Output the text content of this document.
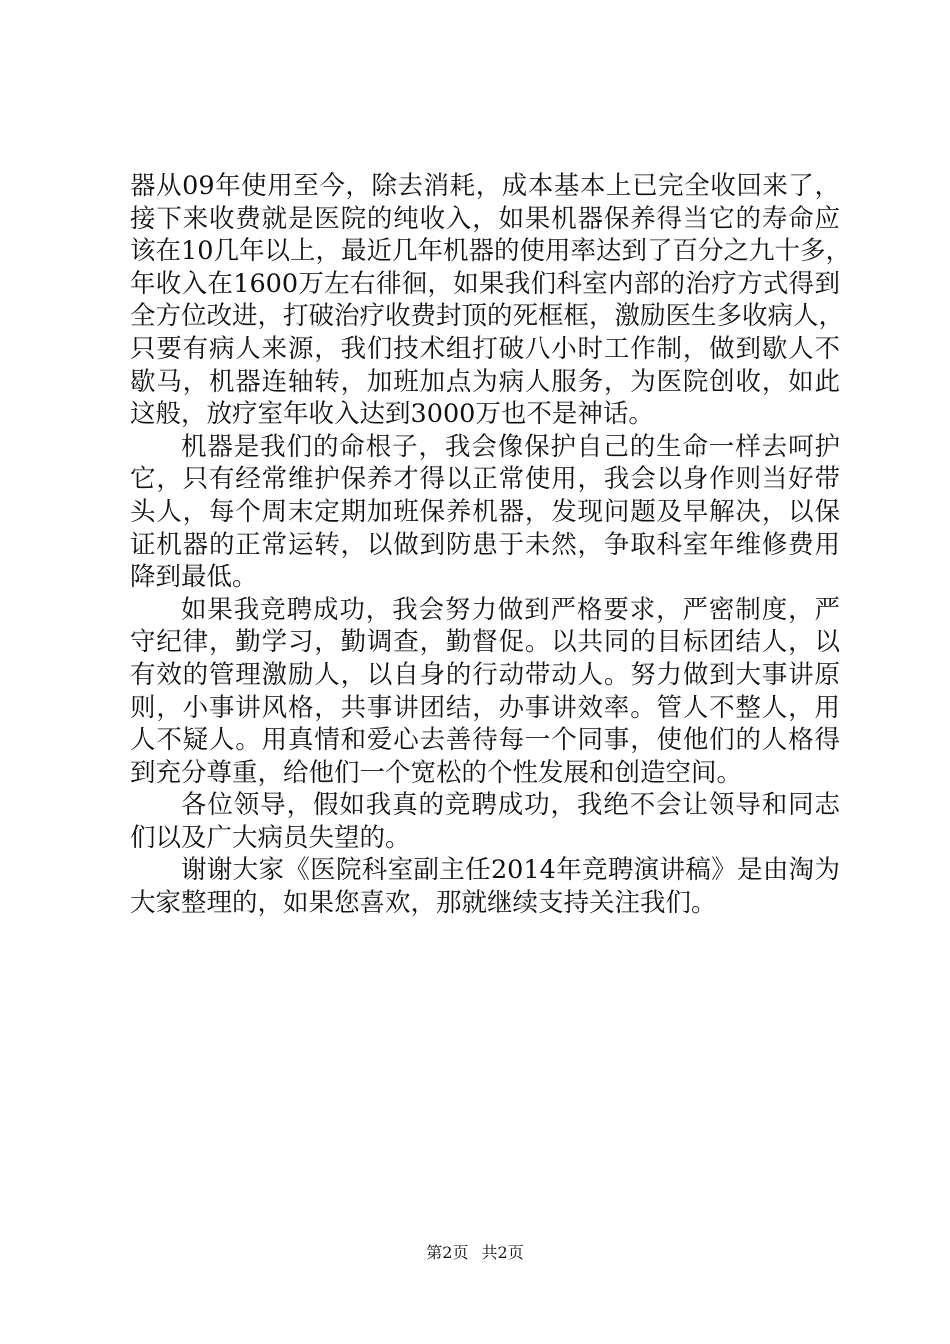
器从09年使用至今，除去消耗，成本基本上已完全收回来了，
接下来收费就是医院的纯收入，如果机器保养得当它的寿命应
该在10几年以上，最近几年机器的使用率达到了百分之九十多，
年收入在1600万左右徘徊，如果我们科室内部的治疗方式得到
全方位改进，打破治疗收费封顶的死框框，激励医生多收病人，
只要有病人来源，我们技术组打破八小时工作制，做到歇人不
歇马，机器连轴转，加班加点为病人服务，为医院创收，如此
这般，放疗室年收入达到3000万也不是神话。
机器是我们的命根子，我会像保护自己的生命一样去呵护
它，只有经常维护保养才得以正常使用，我会以身作则当好带
头人，每个周末定期加班保养机器，发现问题及早解决，以保
证机器的正常运转，以做到防患于未然，争取科室年维修费用
降到最低。
如果我竞聘成功，我会努力做到严格要求，严密制度，严
守纪律，勤学习，勤调查，勤督促。以共同的目标团结人，以
有效的管理激励人，以自身的行动带动人。努力做到大事讲原
则，小事讲风格，共事讲团结，办事讲效率。管人不整人，用
人不疑人。用真情和爱心去善待每一个同事，使他们的人格得
到充分尊重，给他们一个宽松的个性发展和创造空间。
各位领导，假如我真的竞聘成功，我绝不会让领导和同志
们以及广大病员失望的。
谢谢大家《医院科室副主任2014年竞聘演讲稿》是由淘为
大家整理的，如果您喜欢，那就继续支持关注我们。
第2页 共2页
